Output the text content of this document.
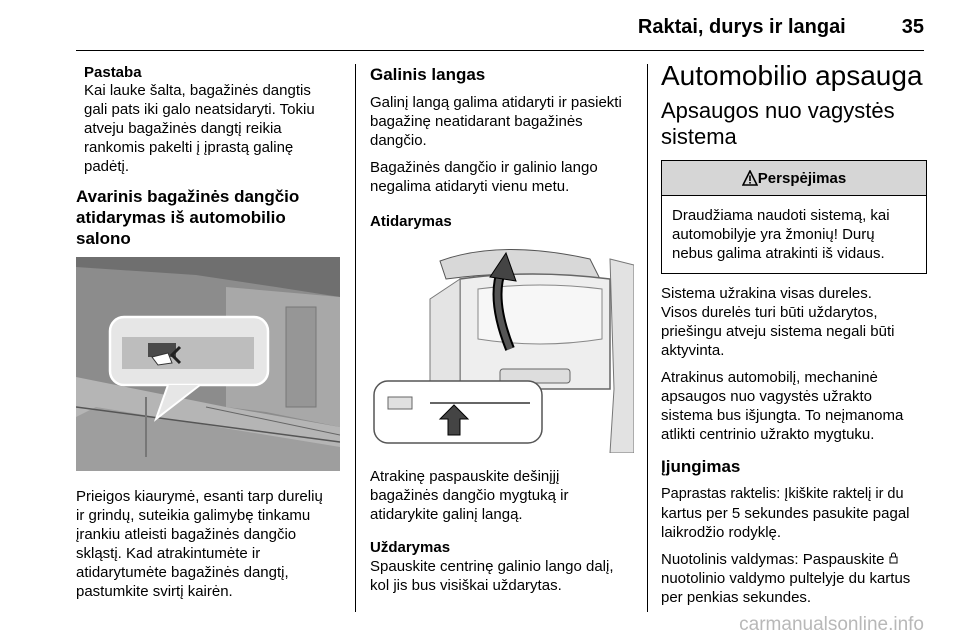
Raktai, durys ir langai	35
Pastaba

Kai lauke šalta, bagažinės dangtis

gali pats iki galo neatsidaryti. Tokiu

atveju bagažinės dangtį reikia

rankomis pakelti į įprastą galinę

padėtį.

Avarinis bagažinės dangčio
atidarymas iš automobilio salono

Prieigos kiaurymė, esanti tarp durelių

ir grindų, suteikia galimybę tinkamu

įrankiu atleisti bagažinės dangčio

skląstį. Kad atrakintumėte ir

atidarytumėte bagažinės dangtį,

pastumkite svirtį kairėn.

Galinis langas

Galinį langą galima atidaryti ir pasiekti

bagažinę neatidarant bagažinės

dangčio.

Bagažinės dangčio ir galinio lango

negalima atidaryti vienu metu.

Atidarymas

Atrakinę paspauskite dešinįjį

bagažinės dangčio mygtuką ir

atidarykite galinį langą.

Uždarymas

Spauskite centrinę galinio lango dalį,

kol jis bus visiškai uždarytas.

Automobilio apsauga
Apsaugos nuo vagystės
sistema
Perspėjimas

Draudžiama naudoti sistemą, kai

automobilyje yra žmonių! Durų

nebus galima atrakinti iš vidaus.

Sistema užrakina visas dureles.

Visos durelės turi būti uždarytos,

priešingu atveju sistema negali būti

aktyvinta.

Atrakinus automobilį, mechaninė

apsaugos nuo vagystės užrakto

sistema bus išjungta. To neįmanoma

atlikti centrinio užrakto mygtuku.

Įjungimas

Paprastas raktelis: Įkiškite raktelį ir du

kartus per 5 sekundes pasukite pagal

laikrodžio rodyklę.

Nuotolinis valdymas: Paspauskite

nuotolinio valdymo pultelyje du kartus

per penkias sekundes.

carmanualsonline.info
